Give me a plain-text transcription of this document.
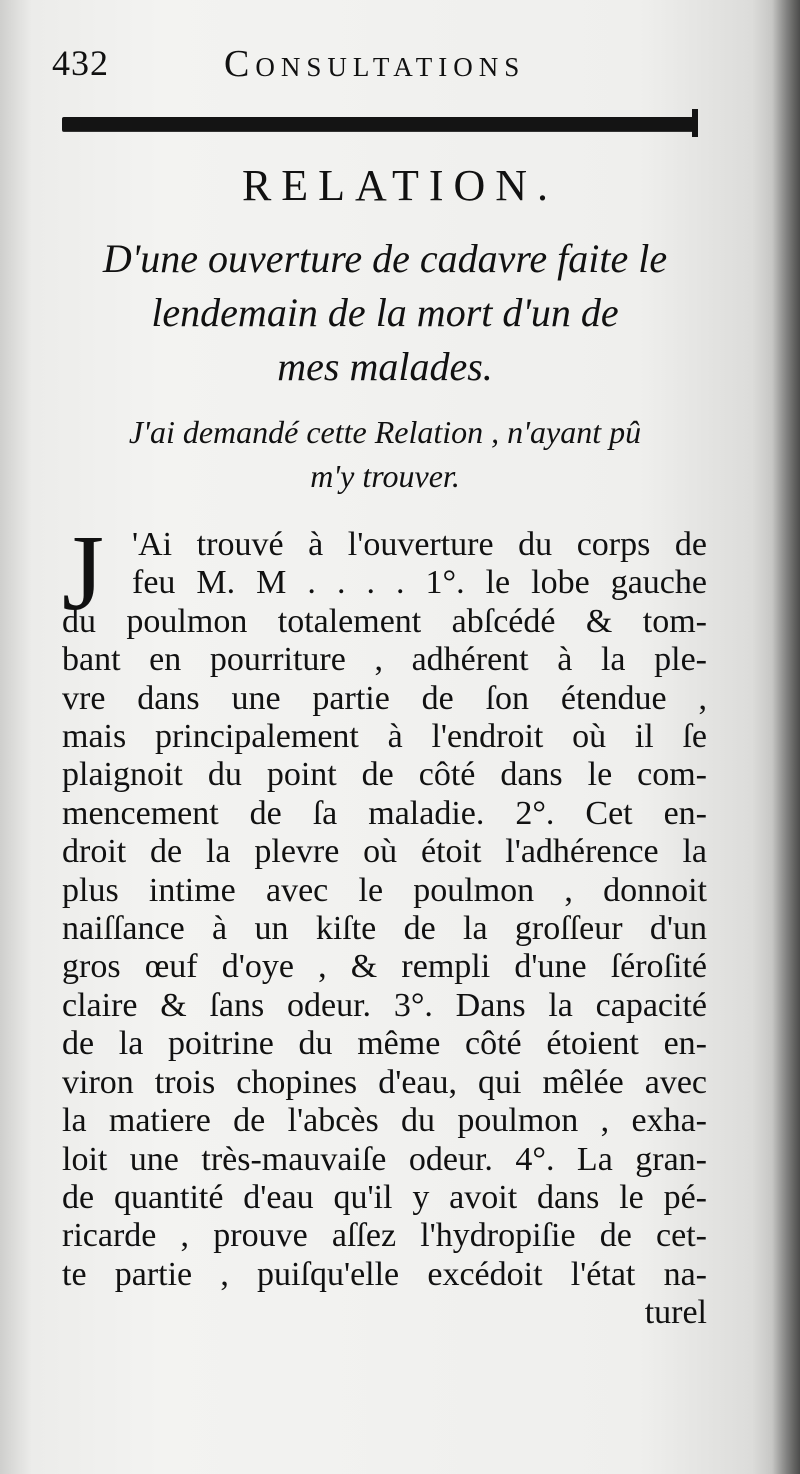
432	Consultations
RELATION.
D'une ouverture de cadavre faite le
lendemain de la mort d'un de
mes malades.
J'ai demandé cette Relation , n'ayant pû
m'y trouver.
J 'Ai trouvé à l'ouverture du corps de
feu M. M . . . . 1°. le lobe gauche
du poulmon totalement abſcédé & tom-
bant en pourriture , adhérent à la ple-
vre dans une partie de ſon étendue ,
mais principalement à l'endroit où il ſe
plaignoit du point de côté dans le com-
mencement de ſa maladie. 2°. Cet en-
droit de la plevre où étoit l'adhérence la
plus intime avec le poulmon , donnoit
naiſſance à un kiſte de la groſſeur d'un
gros œuf d'oye , & rempli d'une ſéroſité
claire & ſans odeur. 3°. Dans la capacité
de la poitrine du même côté étoient en-
viron trois chopines d'eau, qui mêlée avec
la matiere de l'abcès du poulmon , exha-
loit une très-mauvaiſe odeur. 4°. La gran-
de quantité d'eau qu'il y avoit dans le pé-
ricarde , prouve aſſez l'hydropiſie de cet-
te partie , puiſqu'elle excédoit l'état na-
turel
